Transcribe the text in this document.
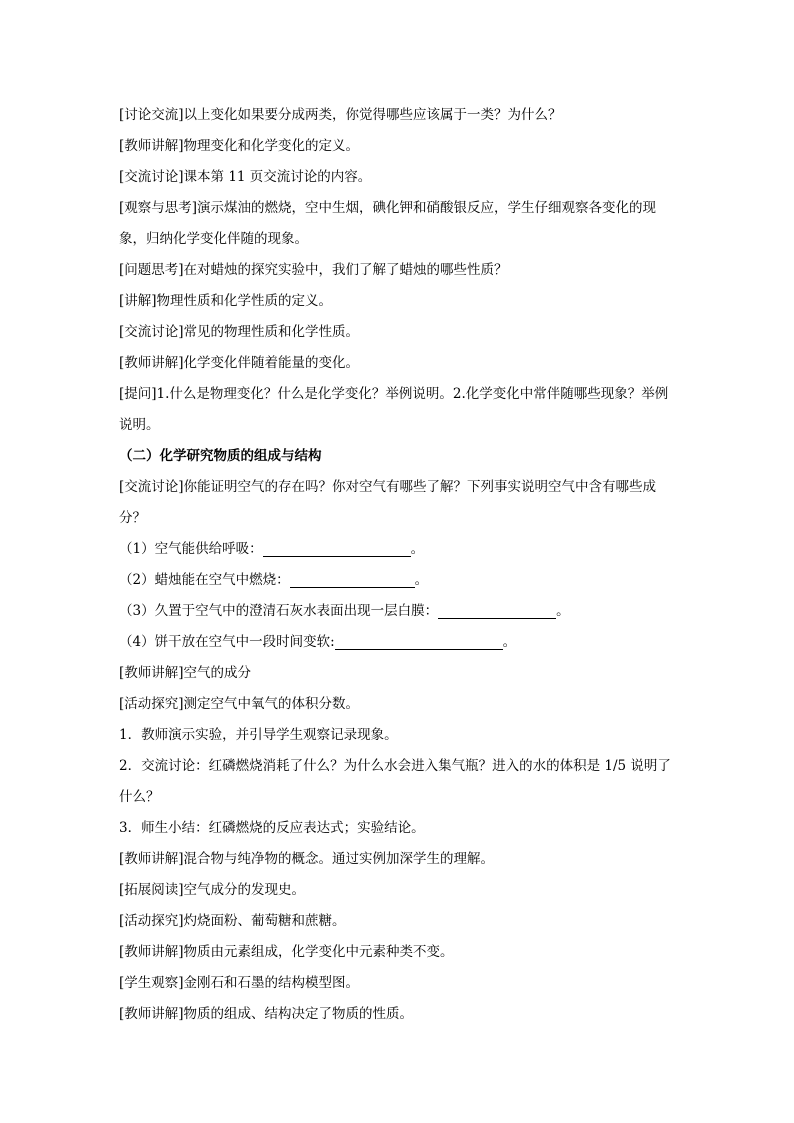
[讨论交流]以上变化如果要分成两类，你觉得哪些应该属于一类？为什么？
[教师讲解]物理变化和化学变化的定义。
[交流讨论]课本第 11 页交流讨论的内容。
[观察与思考]演示煤油的燃烧，空中生烟，碘化钾和硝酸银反应，学生仔细观察各变化的现象，归纳化学变化伴随的现象。
[问题思考]在对蜡烛的探究实验中，我们了解了蜡烛的哪些性质？
[讲解]物理性质和化学性质的定义。
[交流讨论]常见的物理性质和化学性质。
[教师讲解]化学变化伴随着能量的变化。
[提问]1.什么是物理变化？什么是化学变化？举例说明。2.化学变化中常伴随哪些现象？举例说明。
（二）化学研究物质的组成与结构
[交流讨论]你能证明空气的存在吗？你对空气有哪些了解？下列事实说明空气中含有哪些成分？
（1）空气能供给呼吸：	。
（2）蜡烛能在空气中燃烧：	。
（3）久置于空气中的澄清石灰水表面出现一层白膜：	。
（4）饼干放在空气中一段时间变软:	。
[教师讲解]空气的成分
[活动探究]测定空气中氧气的体积分数。
1．教师演示实验，并引导学生观察记录现象。
2．交流讨论：红磷燃烧消耗了什么？为什么水会进入集气瓶？进入的水的体积是 1/5 说明了什么？
3．师生小结：红磷燃烧的反应表达式；实验结论。
[教师讲解]混合物与纯净物的概念。通过实例加深学生的理解。
[拓展阅读]空气成分的发现史。
[活动探究]灼烧面粉、葡萄糖和蔗糖。
[教师讲解]物质由元素组成，化学变化中元素种类不变。
[学生观察]金刚石和石墨的结构模型图。
[教师讲解]物质的组成、结构决定了物质的性质。
